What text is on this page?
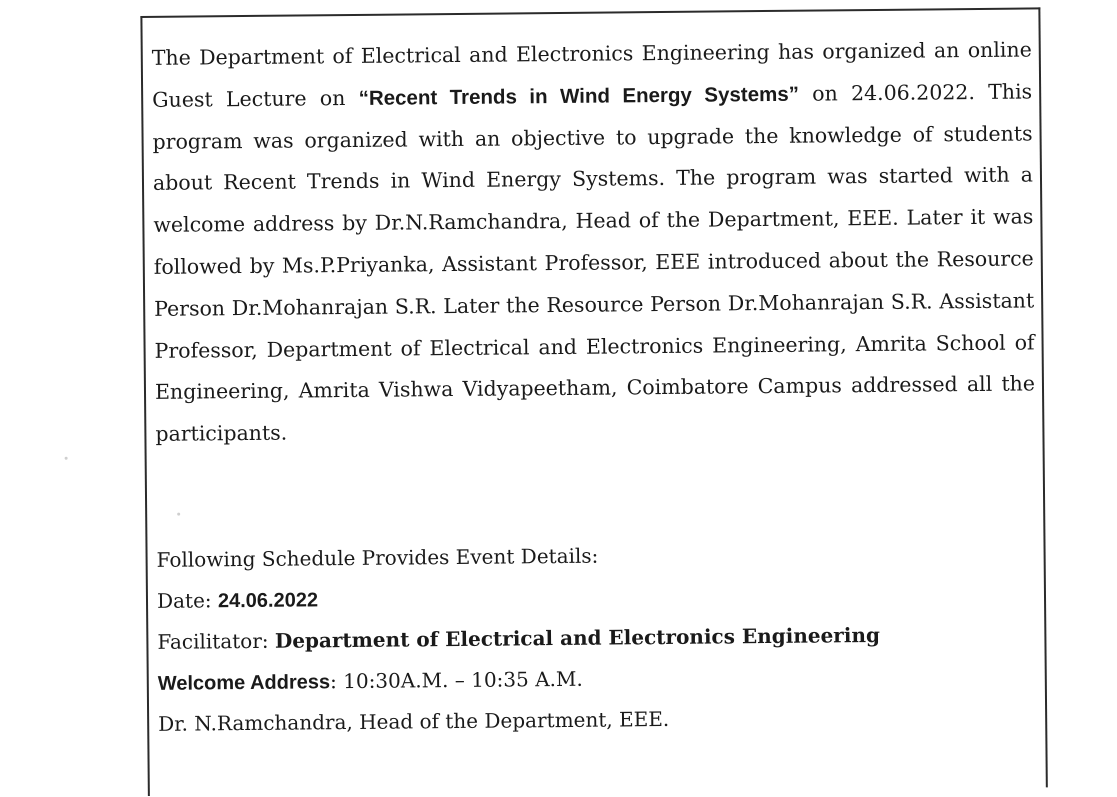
The Department of Electrical and Electronics Engineering has organized an online Guest Lecture on “Recent Trends in Wind Energy Systems” on 24.06.2022. This program was organized with an objective to upgrade the knowledge of students about Recent Trends in Wind Energy Systems. The program was started with a welcome address by Dr.N.Ramchandra, Head of the Department, EEE. Later it was followed by Ms.P.Priyanka, Assistant Professor, EEE introduced about the Resource Person Dr.Mohanrajan S.R. Later the Resource Person Dr.Mohanrajan S.R. Assistant Professor, Department of Electrical and Electronics Engineering, Amrita School of Engineering, Amrita Vishwa Vidyapeetham, Coimbatore Campus addressed all the participants.

Following Schedule Provides Event Details:
Date: 24.06.2022
Facilitator: Department of Electrical and Electronics Engineering
Welcome Address: 10:30A.M. – 10:35 A.M.
Dr. N.Ramchandra, Head of the Department, EEE.
